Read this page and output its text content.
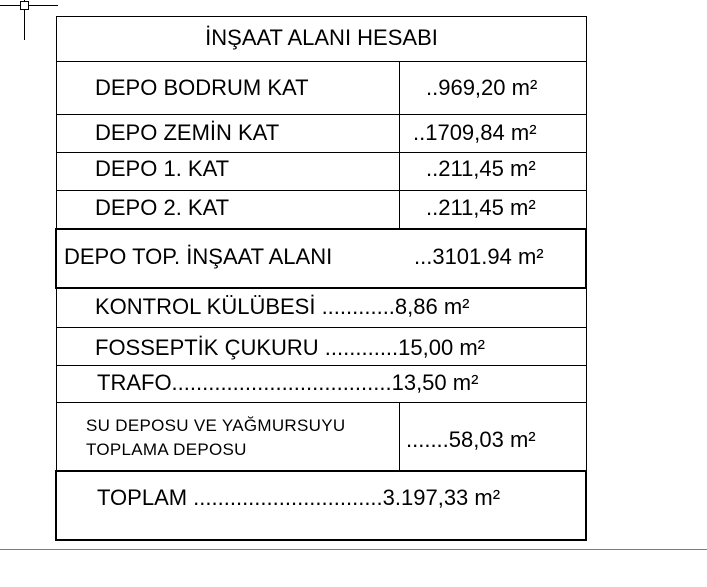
İNŞAAT ALANI HESABI
DEPO BODRUM KAT	..969,20 m²
DEPO ZEMİN KAT	..1709,84 m²
DEPO 1. KAT	..211,45 m²
DEPO 2. KAT	..211,45 m²
DEPO TOP. İNŞAAT ALANI	...3101.94 m²
KONTROL KÜLÜBESİ ............8,86 m²
FOSSEPTİK ÇUKURU ............15,00 m²
TRAFO....................................13,50 m²
SU DEPOSU VE YAĞMURSUYU
TOPLAMA DEPOSU	.......58,03 m²
TOPLAM ...............................3.197,33 m²
